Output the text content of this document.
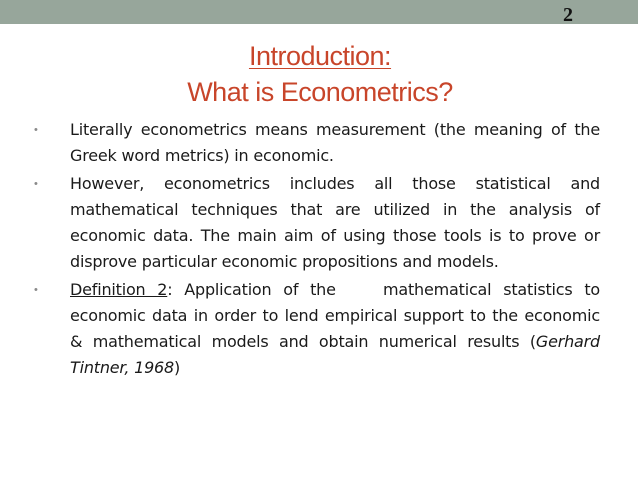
2
Introduction:
What is Econometrics?
• Literally econometrics means measurement (the meaning of the Greek word metrics) in economic.
• However, econometrics includes all those statistical and mathematical techniques that are utilized in the analysis of economic data. The main aim of using those tools is to prove or disprove particular economic propositions and models.
• Definition 2: Application of the    mathematical statistics to economic data in order to lend empirical support to the economic & mathematical models and obtain numerical results (Gerhard Tintner, 1968)
